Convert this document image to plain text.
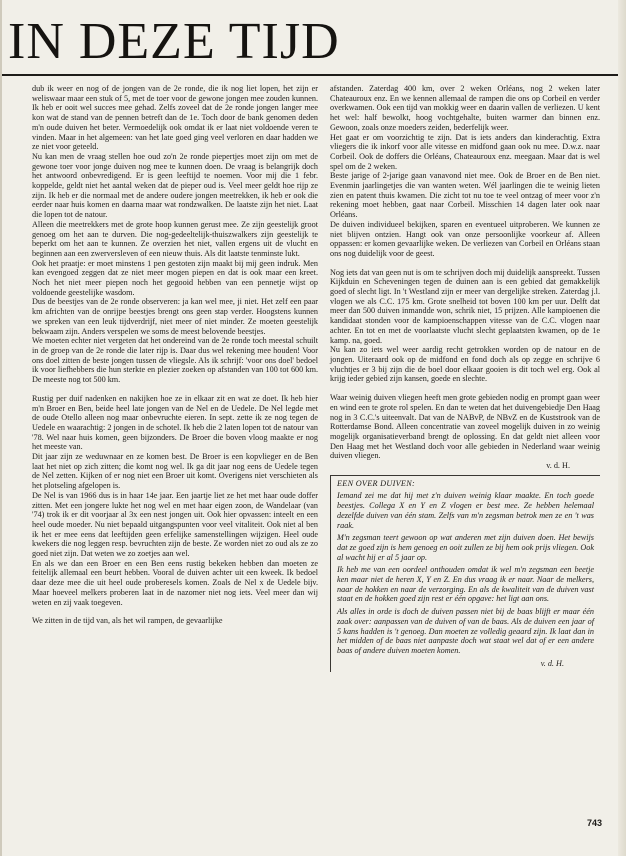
IN DEZE TIJD

dub ik weer en nog of de jongen van de 2e ronde, die ik nog liet lopen, het zijn er weliswaar maar een stuk of 5, met de toer voor de gewone jongen mee zouden kunnen. Ik heb er ooit wel succes mee gehad. Zelfs zoveel dat de 2e ronde jongen langer mee kon wat de stand van de pennen betreft dan de 1e. Toch door de bank genomen deden m'n oude duiven het beter. Vermoedelijk ook omdat ik er laat niet voldoende veren te vinden. Maar in het algemeen: van het late goed ging veel verloren en daar hadden we ze niet voor geteeld.
Nu kan men de vraag stellen hoe oud zo'n 2e ronde piepertjes moet zijn om met de gewone toer voor jonge duiven nog mee te kunnen doen. De vraag is belangrijk doch het antwoord onbevredigend. Er is geen leeftijd te noemen. Voor mij die 1 febr. koppelde, geldt niet het aantal weken dat de pieper oud is. Veel meer geldt hoe rijp ze zijn. Ik heb er die normaal met de andere oudere jongen meetrekken, ik heb er ook die eerder naar huis komen en daarna maar wat rondzwalken. De laatste zijn het niet. Laat die lopen tot de natour.
Alleen die meetrekkers met de grote hoop kunnen gerust mee. Ze zijn geestelijk groot genoeg om het aan te durven. Die nog-gedeeltelijk-thuiszwalkers zijn geestelijk te beperkt om het aan te kunnen. Ze overzien het niet, vallen ergens uit de vlucht en beginnen aan een zwerversleven of een nieuw thuis. Als dit laatste tenminste lukt.
Ook het praatje: er moet minstens 1 pen gestoten zijn maakt bij mij geen indruk. Men kan evengoed zeggen dat ze niet meer mogen piepen en dat is ook maar een kreet. Noch het niet meer piepen noch het gegooid hebben van een pennetje wijst op voldoende geestelijke wasdom.
Dus de beestjes van de 2e ronde observeren: ja kan wel mee, ji niet. Het zelf een paar km africhten van de onrijpe beestjes brengt ons geen stap verder. Hoogstens kunnen we spreken van een leuk tijdverdrijf, niet meer of niet minder. Ze moeten geestelijk bekwaam zijn. Anders verspelen we soms de meest belovende beestjes.
We moeten echter niet vergeten dat het ondereind van de 2e ronde toch meestal schuilt in de groep van de 2e ronde die later rijp is. Daar dus wel rekening mee houden! Voor ons doel zitten de beste jongen tussen de vliegsle. Als ik schrijf: 'voor ons doel' bedoel ik voor liefhebbers die hun sterkte en plezier zoeken op afstanden van 100 tot 600 km. De meeste nog tot 500 km.

Rustig per duif nadenken en nakijken hoe ze in elkaar zit en wat ze doet. Ik heb hier m'n Broer en Ben, beide heel late jongen van de Nel en de Uedele. De Nel legde met de oude Otello alleen nog maar onbevruchte eieren. In sept. zette ik ze nog tegen de Uedele en waarachtig: 2 jongen in de schotel. Ik heb die 2 laten lopen tot de natour van '78. Wel naar huis komen, geen bijzonders. De Broer die boven vloog maakte er nog het meeste van.
Dit jaar zijn ze weduwnaar en ze komen best. De Broer is een kopvlieger en de Ben laat het niet op zich zitten; die komt nog wel. Ik ga dit jaar nog eens de Uedele tegen de Nel zetten. Kijken of er nog niet een Broer uit komt. Overigens niet verschieten als het plotseling afgelopen is.
De Nel is van 1966 dus is in haar 14e jaar. Een jaartje liet ze het met haar oude doffer zitten. Met een jongere lukte het nog wel en met haar eigen zoon, de Wandelaar (van '74) trok ik er dit voorjaar al 3x een nest jongen uit. Ook hier opvassen: inteelt en een heel oude moeder. Nu niet bepaald uitgangspunten voor veel vitaliteit. Ook niet al ben ik het er mee eens dat leeftijden geen erfelijke samenstellingen wijzigen. Heel oude kwekers die nog leggen resp. bevruchten zijn de beste. Ze worden niet zo oud als ze zo goed niet zijn. Dat weten we zo zoetjes aan wel.
En als we dan een Broer en een Ben eens rustig bekeken hebben dan moeten ze feitelijk allemaal een beurt hebben. Vooral de duiven achter uit een kweek. Ik bedoel daar deze mee die uit heel oude proberesels komen. Zoals de Nel x de Uedele bijv. Maar hoeveel melkers proberen laat in de nazomer niet nog iets. Veel meer dan wij weten en zij vaak toegeven.

We zitten in de tijd van, als het wil rampen, de gevaarlijke

afstanden. Zaterdag 400 km, over 2 weken Orléans, nog 2 weken later Chateauroux enz. En we kennen allemaal de rampen die ons op Corbeil en verder overkwamen. Ook een tijd van mokkig weer en daarin vallen de verliezen. U kent het wel: half bewolkt, hoog vochtgehalte, buiten warmer dan binnen enz. Gewoon, zoals onze moeders zeiden, bederfelijk weer.
Het gaat er om voorzichtig te zijn. Dat is iets anders dan kinderachtig. Extra vliegers die ik inkorf voor alle vitesse en midfond gaan ook nu mee. D.w.z. naar Corbeil. Ook de doffers die Orléans, Chateauroux enz. meegaan. Maar dat is wel spel om de 2 weken.
Beste jarige of 2-jarige gaan vanavond niet mee. Ook de Broer en de Ben niet. Evenmin jaarlingetjes die van wanten weten. Wél jaarlingen die te weinig lieten zien en patent thuis kwamen. Die zicht tot nu toe te veel ontzag of meer voor z'n rekening moet hebben, gaat naar Corbeil. Misschien 14 dagen later ook naar Orléans.
De duiven individueel bekijken, sparen en eventueel uitproberen. We kunnen ze niet blijven ontzien. Hangt ook van onze persoonlijke voorkeur af. Alleen oppassen: er komen gevaarlijke weken. De verliezen van Corbeil en Orléans staan ons nog duidelijk voor de geest.

Nog iets dat van geen nut is om te schrijven doch mij duidelijk aanspreekt. Tussen Kijkduin en Scheveningen tegen de duinen aan is een gebied dat gemakkelijk goed of slecht ligt. In 't Westland zijn er meer van dergelijke streken. Zaterdag j.l. vlogen we als C.C. 175 km. Grote snelheid tot boven 100 km per uur. Delft dat meer dan 500 duiven inmandde won, schrik niet, 15 prijzen. Alle kampioenen die kandidaat stonden voor de kampioenschappen vitesse van de C.C. vlogen naar achter. En tot en met de voorlaatste vlucht slecht geplaatsten kwamen, op de 1e kamp. na, goed.
Nu kan zo iets wel weer aardig recht getrokken worden op de natour en de jongen. Uiteraard ook op de midfond en fond doch als op zegge en schrijve 6 vluchtjes er 3 bij zijn die de boel door elkaar gooien is dit toch wel erg. Ook al krijg ieder gebied zijn kansen, goede en slechte.

Waar weinig duiven vliegen heeft men grote gebieden nodig en prompt gaan weer en wind een te grote rol spelen. En dan te weten dat het duivengebiedje Den Haag nog in 3 C.C.'s uiteenvalt. Dat van de NABvP, de NBvZ en de Kuststrook van de Rotterdamse Bond. Alleen concentratie van zoveel mogelijk duiven in zo weinig mogelijk organisatieverband brengt de oplossing. En dat geldt niet alleen voor Den Haag met het Westland doch voor alle gebieden in Nederland waar weinig duiven vliegen.

v. d. H.

EEN OVER DUIVEN:

Iemand zei me dat hij met z'n duiven weinig klaar maakte. En toch goede beestjes. Collega X en Y en Z vlogen er best mee. Ze hebben helemaal dezelfde duiven van één stam. Zelfs van m'n zegsman betrok men ze en 't was raak.

M'n zegsman teert gewoon op wat anderen met zijn duiven doen. Het bewijs dat ze goed zijn is hem genoeg en ooit zullen ze bij hem ook prijs vliegen. Ook al wacht hij er al 5 jaar op.

Ik heb me van een oordeel onthouden omdat ik wel m'n zegsman een beetje ken maar niet de heren X, Y en Z. En dus vraag ik er naar. Naar de melkers, naar de hokken en naar de verzorging. En als de kwaliteit van de duiven vast staat en de hokken goed zijn rest er één opgave: het ligt aan ons.

Als alles in orde is doch de duiven passen niet bij de baas blijft er maar één zaak over: aanpassen van de duiven of van de baas. Als de duiven een jaar of 5 kans hadden is 't genoeg. Dan moeten ze volledig geaard zijn. Ik laat dan in het midden of de baas niet aanpaste doch wat staat wel dat of er een andere baas of andere duiven moeten komen.

v. d. H.

743
